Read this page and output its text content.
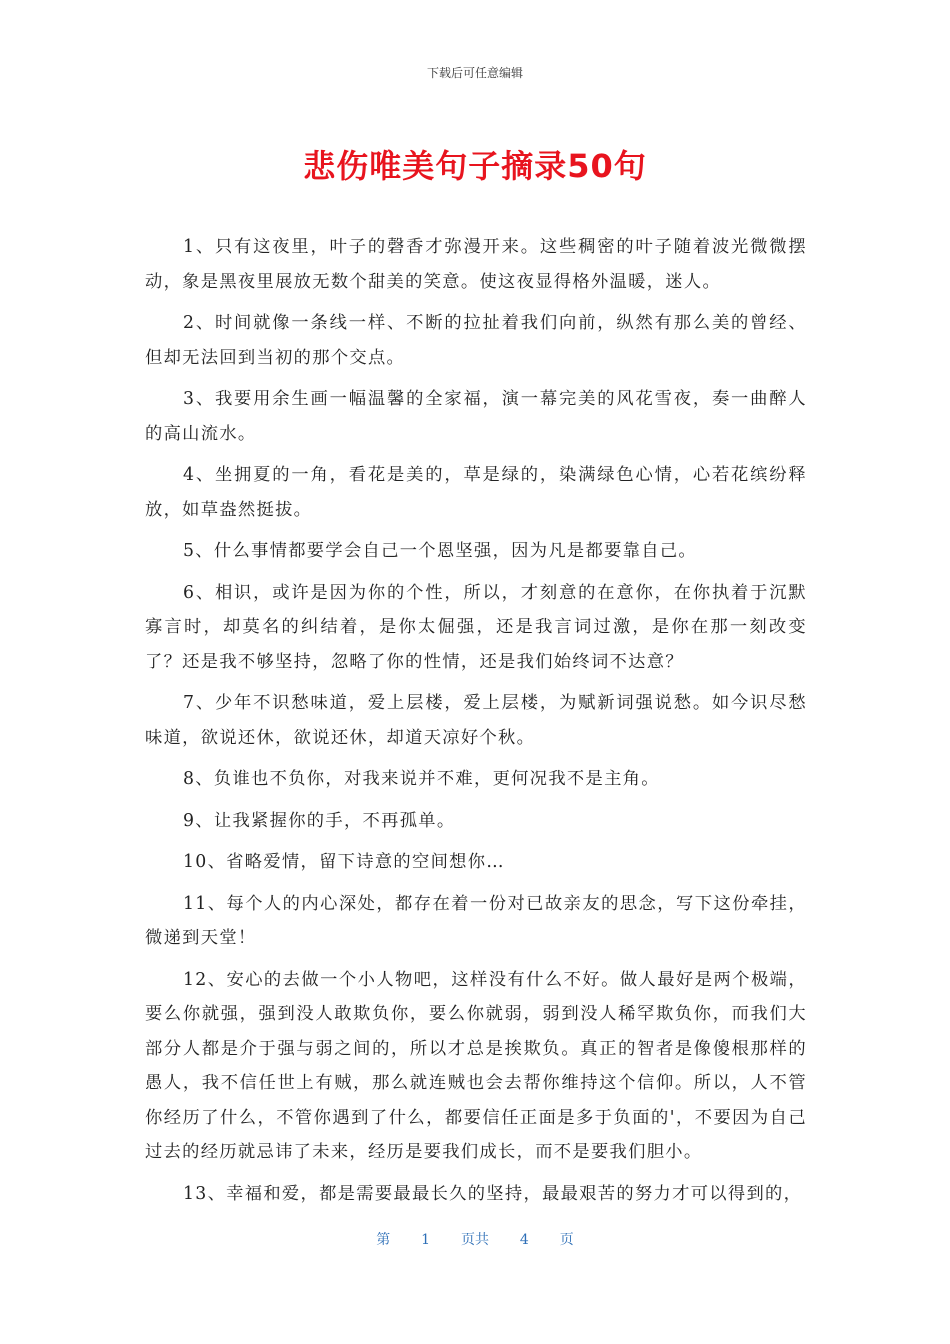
下载后可任意编辑
悲伤唯美句子摘录50句

1、只有这夜里，叶子的磬香才弥漫开来。这些稠密的叶子随着波光微微摆动，象是黑夜里展放无数个甜美的笑意。使这夜显得格外温暖，迷人。

2、时间就像一条线一样、不断的拉扯着我们向前，纵然有那么美的曾经、但却无法回到当初的那个交点。

3、我要用余生画一幅温馨的全家福，演一幕完美的风花雪夜，奏一曲醉人的高山流水。

4、坐拥夏的一角，看花是美的，草是绿的，染满绿色心情，心若花缤纷释放，如草盎然挺拔。

5、什么事情都要学会自己一个恩坚强，因为凡是都要靠自己。

6、相识，或许是因为你的个性，所以，才刻意的在意你，在你执着于沉默寡言时，却莫名的纠结着，是你太倔强，还是我言词过激，是你在那一刻改变了？还是我不够坚持，忽略了你的性情，还是我们始终词不达意？

7、少年不识愁味道，爱上层楼，爱上层楼，为赋新词强说愁。如今识尽愁味道，欲说还休，欲说还休，却道天凉好个秋。

8、负谁也不负你，对我来说并不难，更何况我不是主角。

9、让我紧握你的手，不再孤单。

10、省略爱情，留下诗意的空间想你…

11、每个人的内心深处，都存在着一份对已故亲友的思念，写下这份牵挂，微递到天堂！

12、安心的去做一个小人物吧，这样没有什么不好。做人最好是两个极端，要么你就强，强到没人敢欺负你，要么你就弱，弱到没人稀罕欺负你，而我们大部分人都是介于强与弱之间的，所以才总是挨欺负。真正的智者是像傻根那样的愚人，我不信任世上有贼，那么就连贼也会去帮你维持这个信仰。所以，人不管你经历了什么，不管你遇到了什么，都要信任正面是多于负面的'，不要因为自己过去的经历就忌讳了未来，经历是要我们成长，而不是要我们胆小。

13、幸福和爱，都是需要最最长久的坚持，最最艰苦的努力才可以得到的，

第 1 页共 4 页
